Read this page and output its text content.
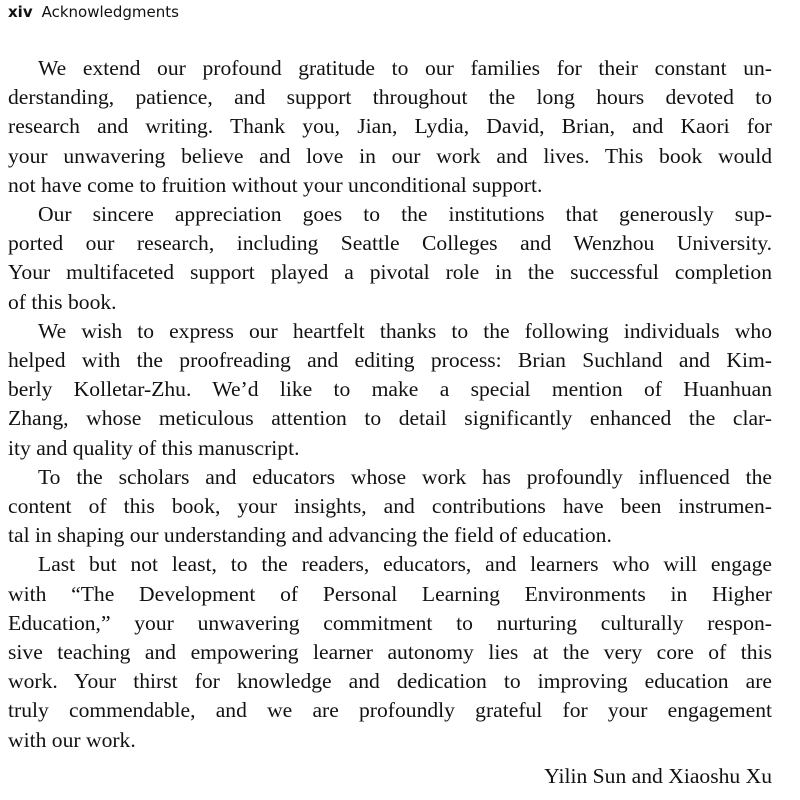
xiv Acknowledgments
We extend our profound gratitude to our families for their constant un-
derstanding, patience, and support throughout the long hours devoted to
research and writing. Thank you, Jian, Lydia, David, Brian, and Kaori for
your unwavering believe and love in our work and lives. This book would
not have come to fruition without your unconditional support.
Our sincere appreciation goes to the institutions that generously sup-
ported our research, including Seattle Colleges and Wenzhou University.
Your multifaceted support played a pivotal role in the successful completion
of this book.
We wish to express our heartfelt thanks to the following individuals who
helped with the proofreading and editing process: Brian Suchland and Kim-
berly Kolletar-Zhu. We’d like to make a special mention of Huanhuan
Zhang, whose meticulous attention to detail significantly enhanced the clar-
ity and quality of this manuscript.
To the scholars and educators whose work has profoundly influenced the
content of this book, your insights, and contributions have been instrumen-
tal in shaping our understanding and advancing the field of education.
Last but not least, to the readers, educators, and learners who will engage
with “The Development of Personal Learning Environments in Higher
Education,” your unwavering commitment to nurturing culturally respon-
sive teaching and empowering learner autonomy lies at the very core of this
work. Your thirst for knowledge and dedication to improving education are
truly commendable, and we are profoundly grateful for your engagement
with our work.
Yilin Sun and Xiaoshu Xu
